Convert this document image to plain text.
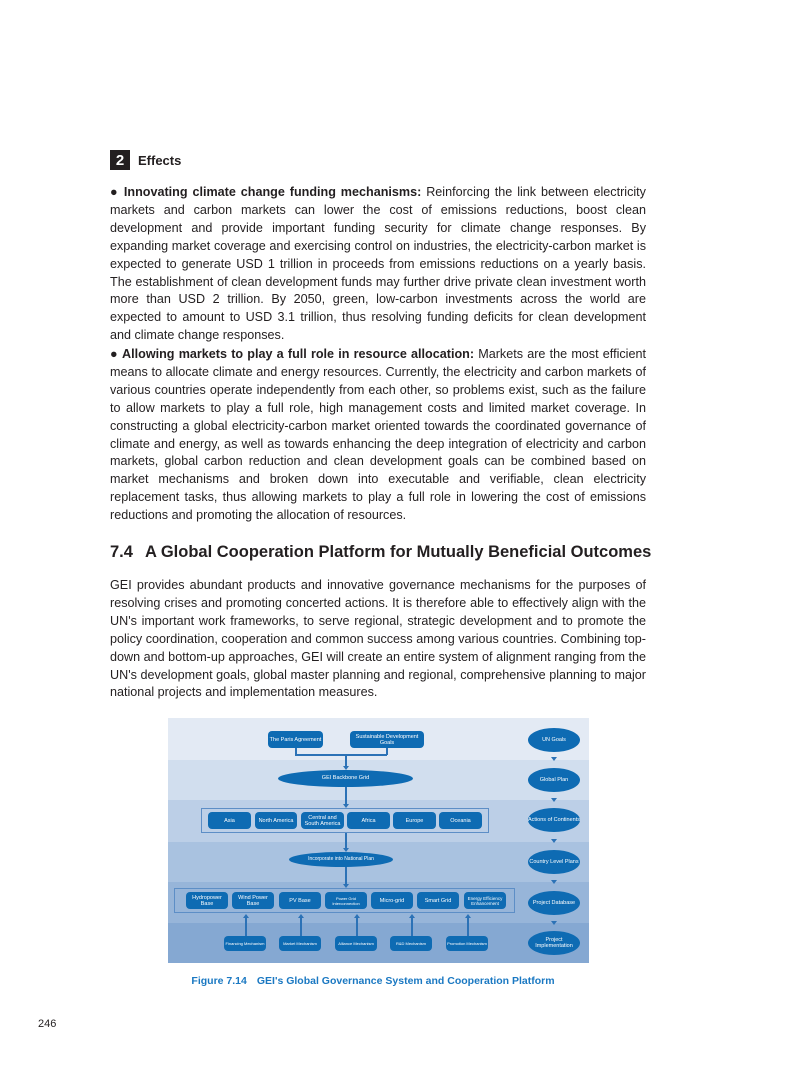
2	Effects

● Innovating climate change funding mechanisms: Reinforcing the link between electricity markets and carbon markets can lower the cost of emissions reductions, boost clean development and provide important funding security for climate change responses. By expanding market coverage and exercising control on industries, the electricity-carbon market is expected to generate USD 1 trillion in proceeds from emissions reductions on a yearly basis. The establishment of clean development funds may further drive private clean investment worth more than USD 2 trillion. By 2050, green, low-carbon investments across the world are expected to amount to USD 3.1 trillion, thus resolving funding deficits for clean development and climate change responses.

● Allowing markets to play a full role in resource allocation: Markets are the most efficient means to allocate climate and energy resources. Currently, the electricity and carbon markets of various countries operate independently from each other, so problems exist, such as the failure to allow markets to play a full role, high management costs and limited market coverage. In constructing a global electricity-carbon market oriented towards the coordinated governance of climate and energy, as well as towards enhancing the deep integration of electricity and carbon markets, global carbon reduction and clean development goals can be combined based on market mechanisms and broken down into executable and verifiable, clean electricity replacement tasks, thus allowing markets to play a full role in lowering the cost of emissions reductions and promoting the allocation of resources.

7.4 A Global Cooperation Platform for Mutually Beneficial Outcomes

GEI provides abundant products and innovative governance mechanisms for the purposes of resolving crises and promoting concerted actions. It is therefore able to effectively align with the UN's important work frameworks, to serve regional, strategic development and to promote the policy coordination, cooperation and common success among various countries. Combining top-down and bottom-up approaches, GEI will create an entire system of alignment ranging from the UN's development goals, global master planning and regional, comprehensive planning to major national projects and implementation measures.

The Paris Agreement	Sustainable Development Goals
GEI Backbone Grid
Asia	North America	Central and South America	Africa	Europe	Oceania
Incorporate into National Plan
Hydropower Base
Wind Power Base	PV Base	Power Grid Interconnection	Micro-grid	Smart Grid	Energy Efficiency Enhancement
Financing Mechanism	Market Mechanism	Alliance Mechanism	R&D Mechanism	Promotion Mechanism
UN Goals
Global Plan
Actions of Continents
Country Level Plans
Project Database
Project Implementation
Figure 7.14 GEI's Global Governance System and Cooperation Platform
246
